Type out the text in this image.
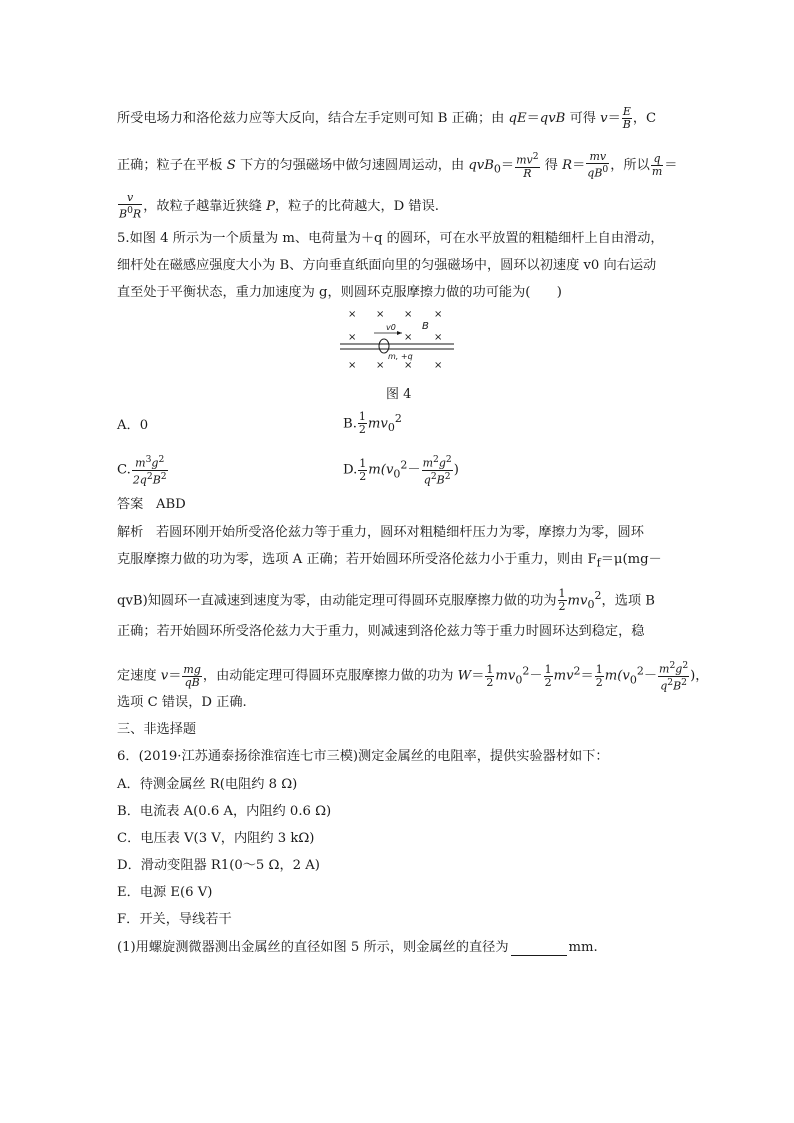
所受电场力和洛伦兹力应等大反向，结合左手定则可知 B 正确；由 qE＝qvB 可得 $v= \frac{E}{B}$ ，C
正确；粒子在平板 S 下方的匀强磁场中做匀速圆周运动，由 $qvB_0= \frac{mv^2}{R}$ 得 $R= \frac{mv}{qB^0}$ ，所以 $\frac{q}{m}$ ＝
$\frac{v}{B^0R}$ ，故粒子越靠近狭缝 P，粒子的比荷越大，D 错误.
5.如图 4 所示为一个质量为 m、电荷量为＋q 的圆环，可在水平放置的粗糙细杆上自由滑动，
细杆处在磁感应强度大小为 B、方向垂直纸面向里的匀强磁场中，圆环以初速度 v0 向右运动
直至处于平衡状态，重力加速度为 g，则圆环克服摩擦力做的功可能为(　　)
× × × ×
×	× ×
× × × ×
B
v0
m, +q
图 4
A．0	B. $\frac{1}{2} mv_0^2$
C. $\frac{m^3g^2}{2q^2B^2}$	D. $\frac{1}{2} m(v_0^2- \frac{m^2g^2}{q^2B^2}$ )
答案 ABD
解析 若圆环刚开始所受洛伦兹力等于重力，圆环对粗糙细杆压力为零，摩擦力为零，圆环
克服摩擦力做的功为零，选项 A 正确；若开始圆环所受洛伦兹力小于重力，则由 $F_f=\mu(mg-$
qvB)知圆环一直减速到速度为零，由动能定理可得圆环克服摩擦力做的功为 $\frac{1}{2} mv_0^2$，选项 B
正确；若开始圆环所受洛伦兹力大于重力，则减速到洛伦兹力等于重力时圆环达到稳定，稳
定速度 $v= \frac{mg}{qB}$ ，由动能定理可得圆环克服摩擦力做的功为 $W= \frac{1}{2} mv_0^2- \frac{1}{2} mv^2= \frac{1}{2} m(v_0^2- \frac{m^2g^2}{q^2B^2}$ )，
选项 C 错误，D 正确.
三、非选择题
6．(2019·江苏通泰扬徐淮宿连七市三模)测定金属丝的电阻率，提供实验器材如下：
A．待测金属丝 R(电阻约 8 Ω)
B．电流表 A(0.6 A，内阻约 0.6 Ω)
C．电压表 V(3 V，内阻约 3 kΩ)
D．滑动变阻器 R1(0～5 Ω，2 A)
E．电源 E(6 V)
F．开关，导线若干
(1)用螺旋测微器测出金属丝的直径如图 5 所示，则金属丝的直径为	mm.
